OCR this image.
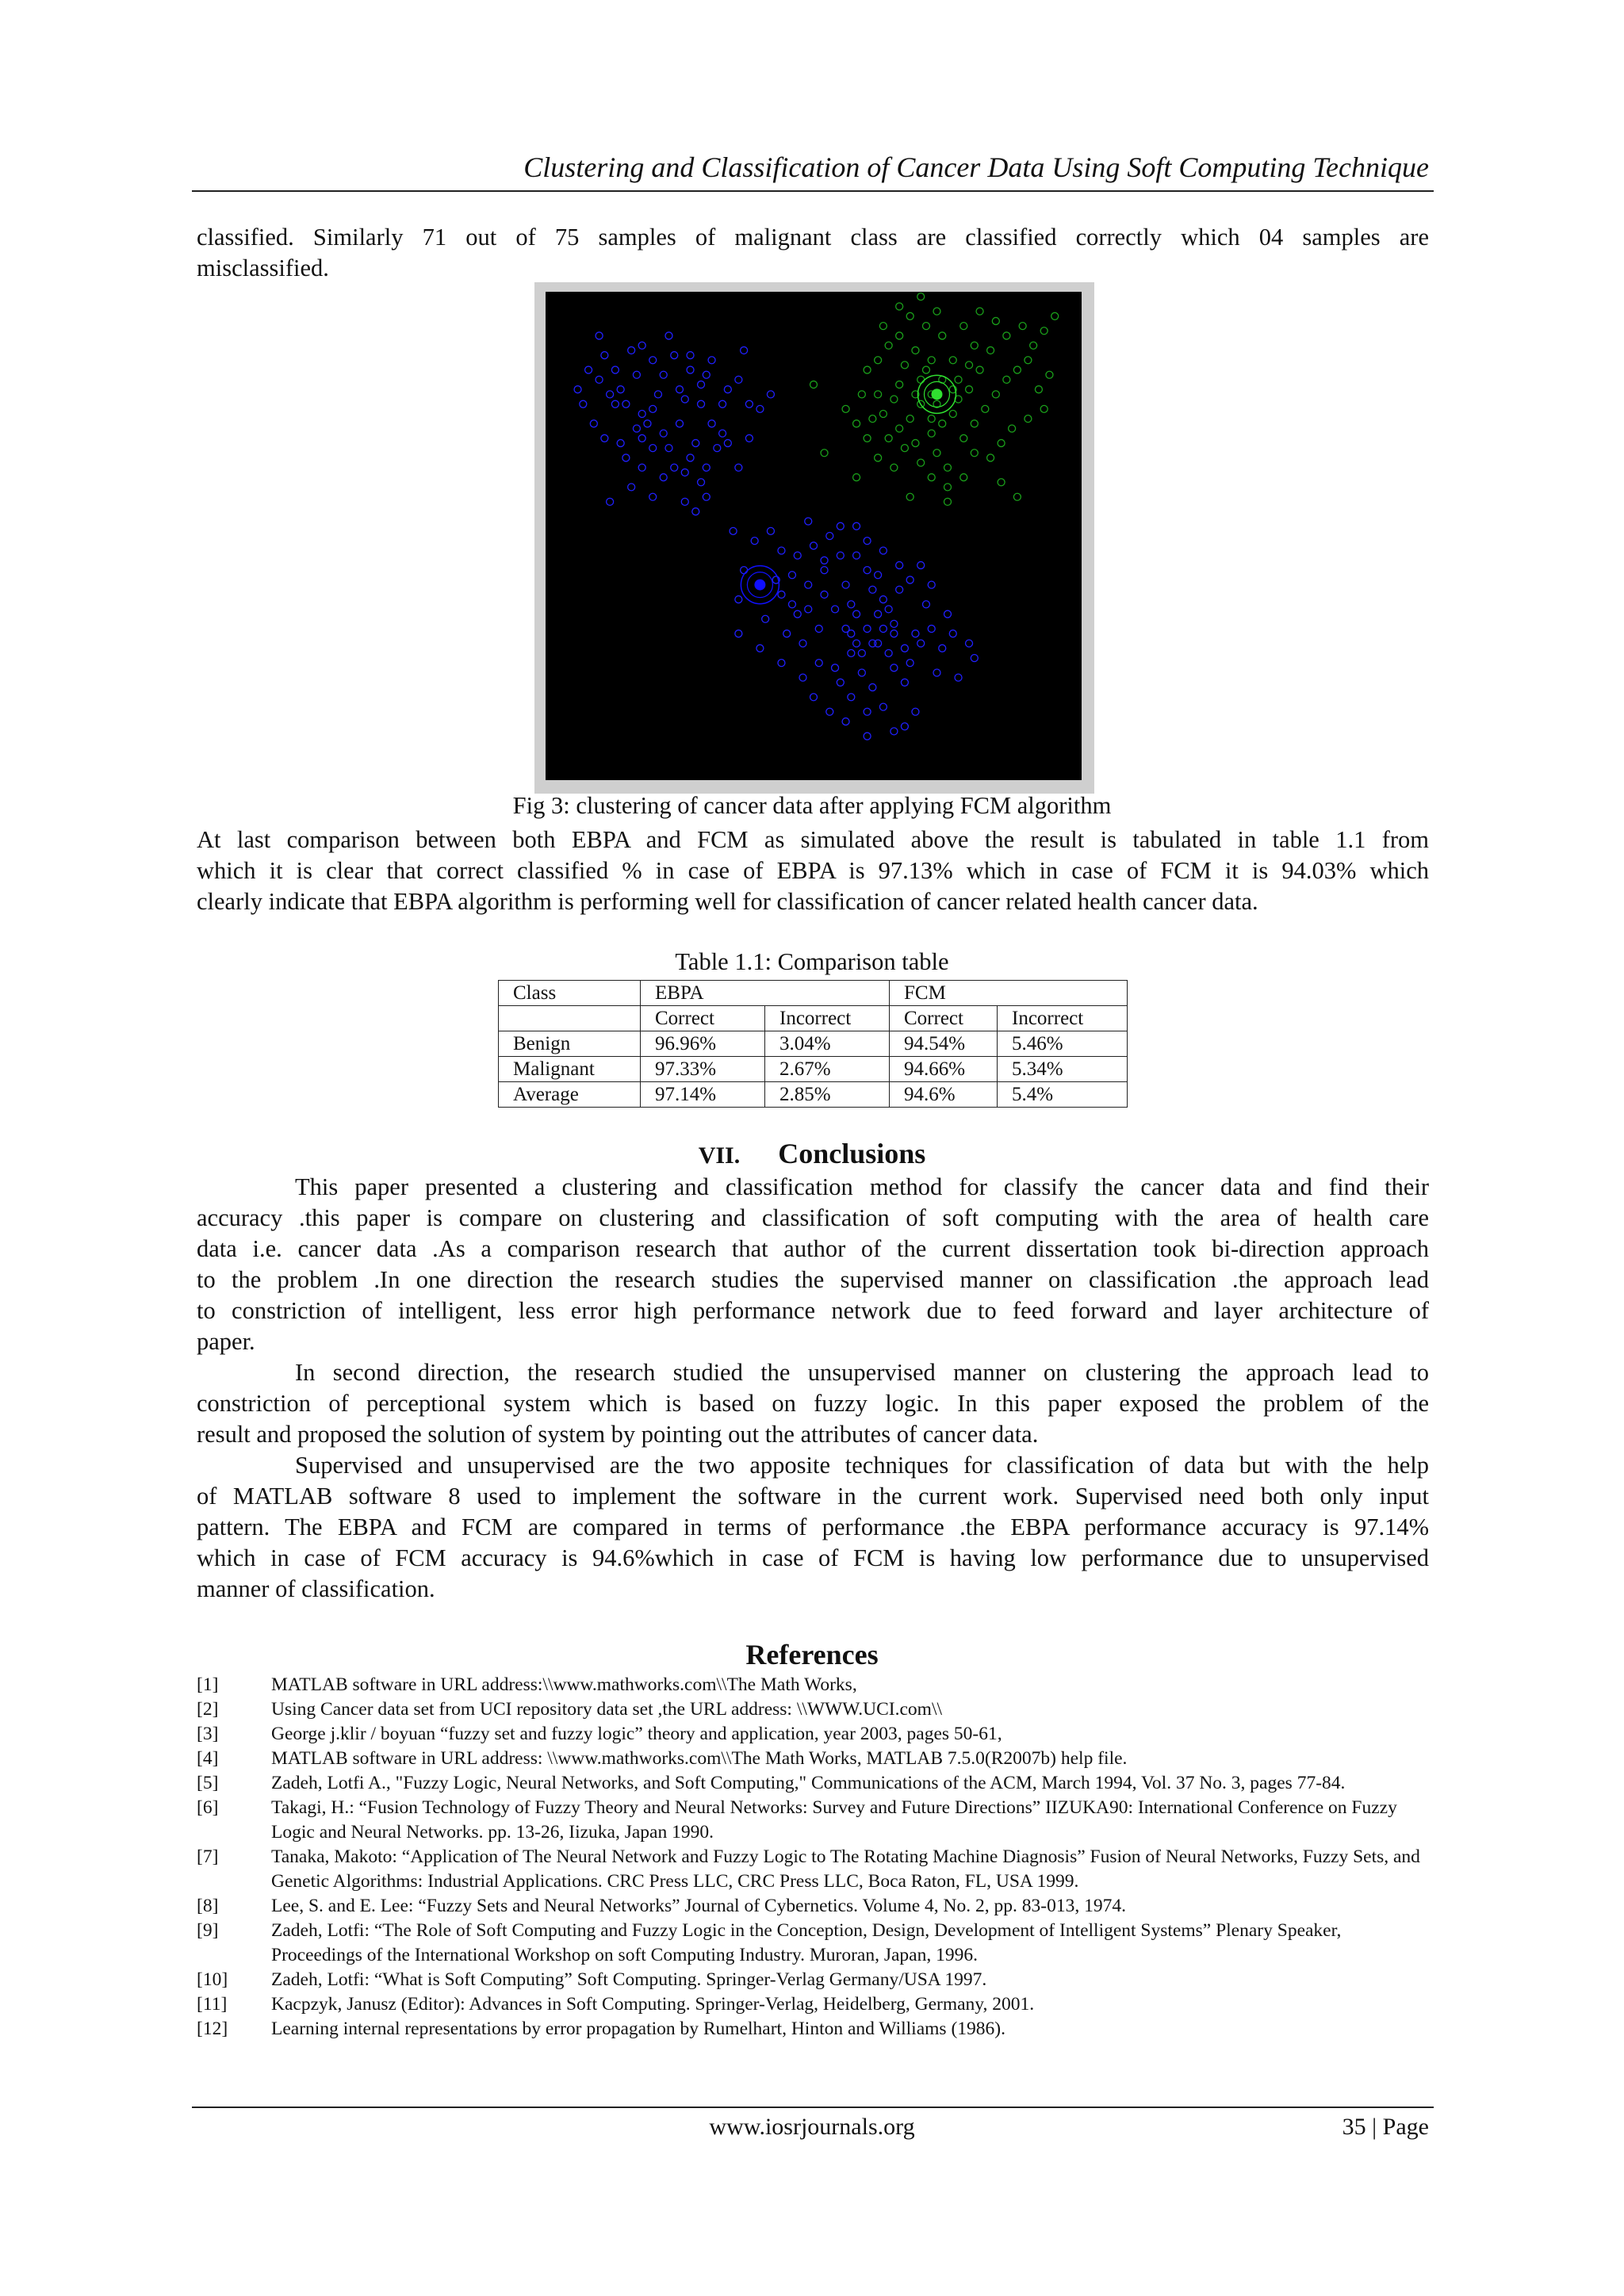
Clustering and Classification of Cancer Data Using Soft Computing Technique
classified. Similarly 71 out of 75 samples of malignant class are classified correctly which 04 samples are
misclassified.
Fig 3: clustering of cancer data after applying FCM algorithm
At last comparison between both EBPA and FCM as simulated above the result is tabulated in table 1.1 from
which it is clear that correct classified % in case of EBPA is 97.13% which in case of FCM it is 94.03% which
clearly indicate that EBPA algorithm is performing well for classification of cancer related health cancer data.
Table 1.1: Comparison table
Class	EBPA		FCM	
	Correct	Incorrect	Correct	Incorrect
Benign	96.96%	3.04%	94.54%	5.46%
Malignant	97.33%	2.67%	94.66%	5.34%
Average	97.14%	2.85%	94.6%	5.4%
VII. Conclusions
This paper presented a clustering and classification method for classify the cancer data and find their
accuracy .this paper is compare on clustering and classification of soft computing with the area of health care
data i.e. cancer data .As a comparison research that author of the current dissertation took bi-direction approach
to the problem .In one direction the research studies the supervised manner on classification .the approach lead
to constriction of intelligent, less error high performance network due to feed forward and layer architecture of
paper.
In second direction, the research studied the unsupervised manner on clustering the approach lead to
constriction of perceptional system which is based on fuzzy logic. In this paper exposed the problem of the
result and proposed the solution of system by pointing out the attributes of cancer data.
Supervised and unsupervised are the two apposite techniques for classification of data but with the help
of MATLAB software 8 used to implement the software in the current work. Supervised need both only input
pattern. The EBPA and FCM are compared in terms of performance .the EBPA performance accuracy is 97.14%
which in case of FCM accuracy is 94.6%which in case of FCM is having low performance due to unsupervised
manner of classification.
References
[1]	MATLAB software in URL address:\\www.mathworks.com\\The Math Works,
[2]	Using Cancer data set from UCI repository data set ,the URL address: \\WWW.UCI.com\\
[3]	George j.klir / boyuan “fuzzy set and fuzzy logic” theory and application, year 2003, pages 50-61,
[4]	MATLAB software in URL address: \\www.mathworks.com\\The Math Works, MATLAB 7.5.0(R2007b) help file.
[5]	Zadeh, Lotfi A., "Fuzzy Logic, Neural Networks, and Soft Computing," Communications of the ACM, March 1994, Vol. 37 No. 3, pages 77-84.
[6]	Takagi, H.: “Fusion Technology of Fuzzy Theory and Neural Networks: Survey and Future Directions” IIZUKA90: International Conference on Fuzzy Logic and Neural Networks. pp. 13-26, Iizuka, Japan 1990.
[7]	Tanaka, Makoto: “Application of The Neural Network and Fuzzy Logic to The Rotating Machine Diagnosis” Fusion of Neural Networks, Fuzzy Sets, and Genetic Algorithms: Industrial Applications. CRC Press LLC, CRC Press LLC, Boca Raton, FL, USA 1999.
[8]	Lee, S. and E. Lee: “Fuzzy Sets and Neural Networks” Journal of Cybernetics. Volume 4, No. 2, pp. 83-013, 1974.
[9]	Zadeh, Lotfi: “The Role of Soft Computing and Fuzzy Logic in the Conception, Design, Development of Intelligent Systems” Plenary Speaker, Proceedings of the International Workshop on soft Computing Industry. Muroran, Japan, 1996.
[10] Zadeh, Lotfi: “What is Soft Computing” Soft Computing. Springer-Verlag Germany/USA 1997.
[11] Kacpzyk, Janusz (Editor): Advances in Soft Computing. Springer-Verlag, Heidelberg, Germany, 2001.
[12] Learning internal representations by error propagation by Rumelhart, Hinton and Williams (1986).
www.iosrjournals.org	35 | Page
